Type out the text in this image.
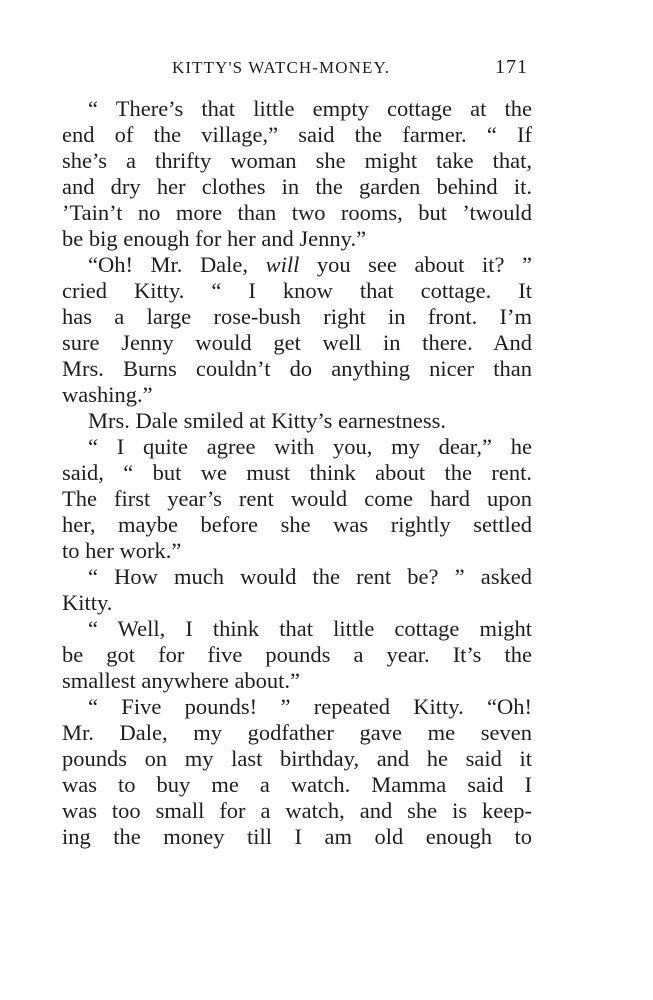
KITTY'S WATCH-MONEY.	171
“ There’s that little empty cottage at the
end of the village,” said the farmer. “ If
she’s a thrifty woman she might take that,
and dry her clothes in the garden behind it.
’Tain’t no more than two rooms, but ’twould
be big enough for her and Jenny.”
“Oh! Mr. Dale, will you see about it? ”
cried Kitty. “ I know that cottage. It
has a large rose-bush right in front. I’m
sure Jenny would get well in there. And
Mrs. Burns couldn’t do anything nicer than
washing.”
Mrs. Dale smiled at Kitty’s earnestness.
“ I quite agree with you, my dear,” he
said, “ but we must think about the rent.
The first year’s rent would come hard upon
her, maybe before she was rightly settled
to her work.”
“ How much would the rent be? ” asked
Kitty.
“ Well, I think that little cottage might
be got for five pounds a year. It’s the
smallest anywhere about.”
“ Five pounds! ” repeated Kitty. “Oh!
Mr. Dale, my godfather gave me seven
pounds on my last birthday, and he said it
was to buy me a watch. Mamma said I
was too small for a watch, and she is keep-
ing the money till I am old enough to
